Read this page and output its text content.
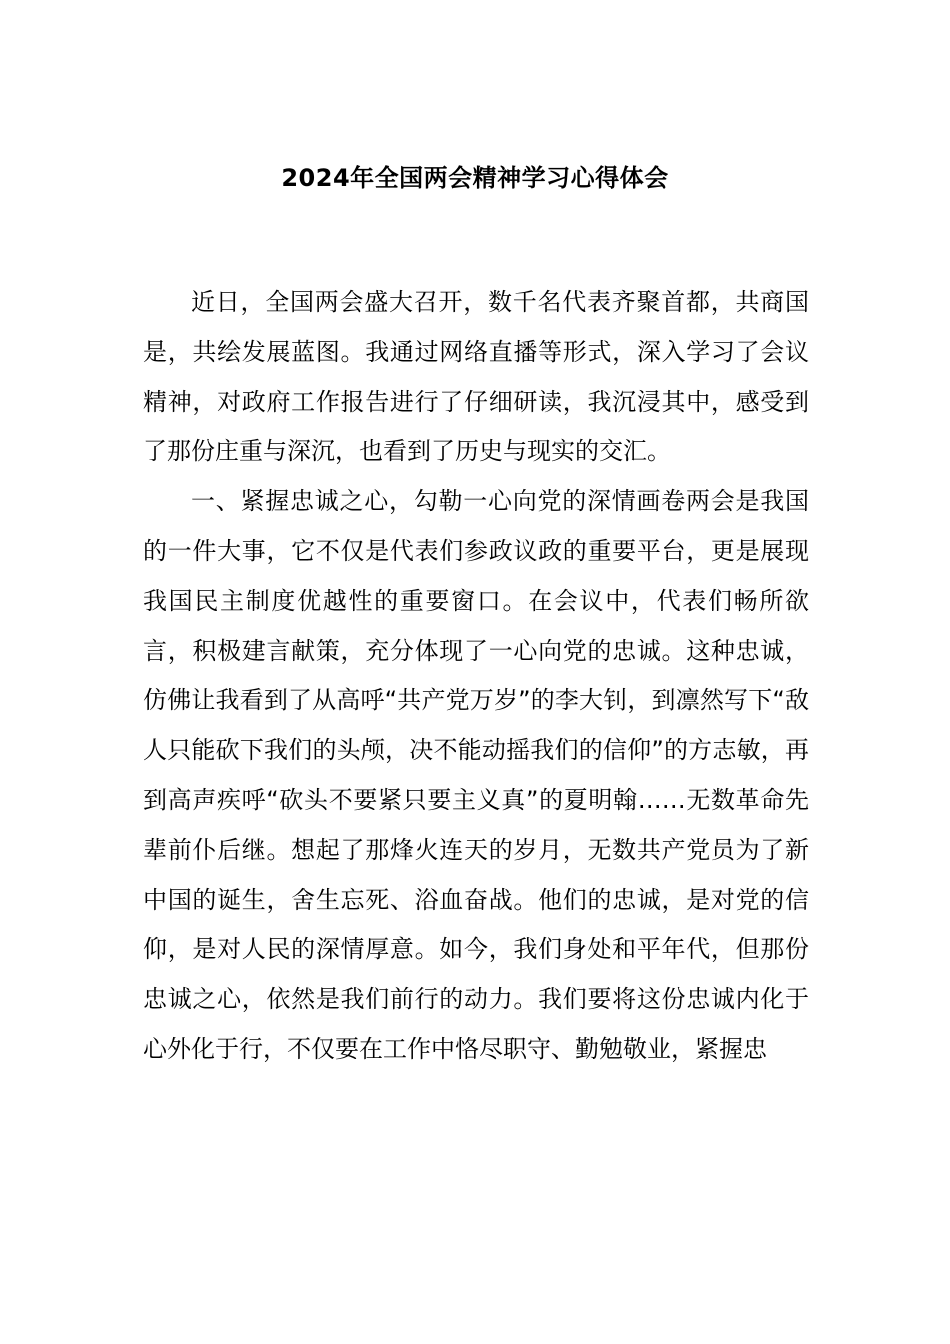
2024年全国两会精神学习心得体会

近日，全国两会盛大召开，数千名代表齐聚首都，共商国是，共绘发展蓝图。我通过网络直播等形式，深入学习了会议精神，对政府工作报告进行了仔细研读，我沉浸其中，感受到了那份庄重与深沉，也看到了历史与现实的交汇。

一、紧握忠诚之心，勾勒一心向党的深情画卷两会是我国的一件大事，它不仅是代表们参政议政的重要平台，更是展现我国民主制度优越性的重要窗口。在会议中，代表们畅所欲言，积极建言献策，充分体现了一心向党的忠诚。这种忠诚，仿佛让我看到了从高呼“共产党万岁”的李大钊，到凛然写下“敌人只能砍下我们的头颅，决不能动摇我们的信仰”的方志敏，再到高声疾呼“砍头不要紧只要主义真”的夏明翰……无数革命先辈前仆后继。想起了那烽火连天的岁月，无数共产党员为了新中国的诞生，舍生忘死、浴血奋战。他们的忠诚，是对党的信仰，是对人民的深情厚意。如今，我们身处和平年代，但那份忠诚之心，依然是我们前行的动力。我们要将这份忠诚内化于心外化于行，不仅要在工作中恪尽职守、勤勉敬业，紧握忠
